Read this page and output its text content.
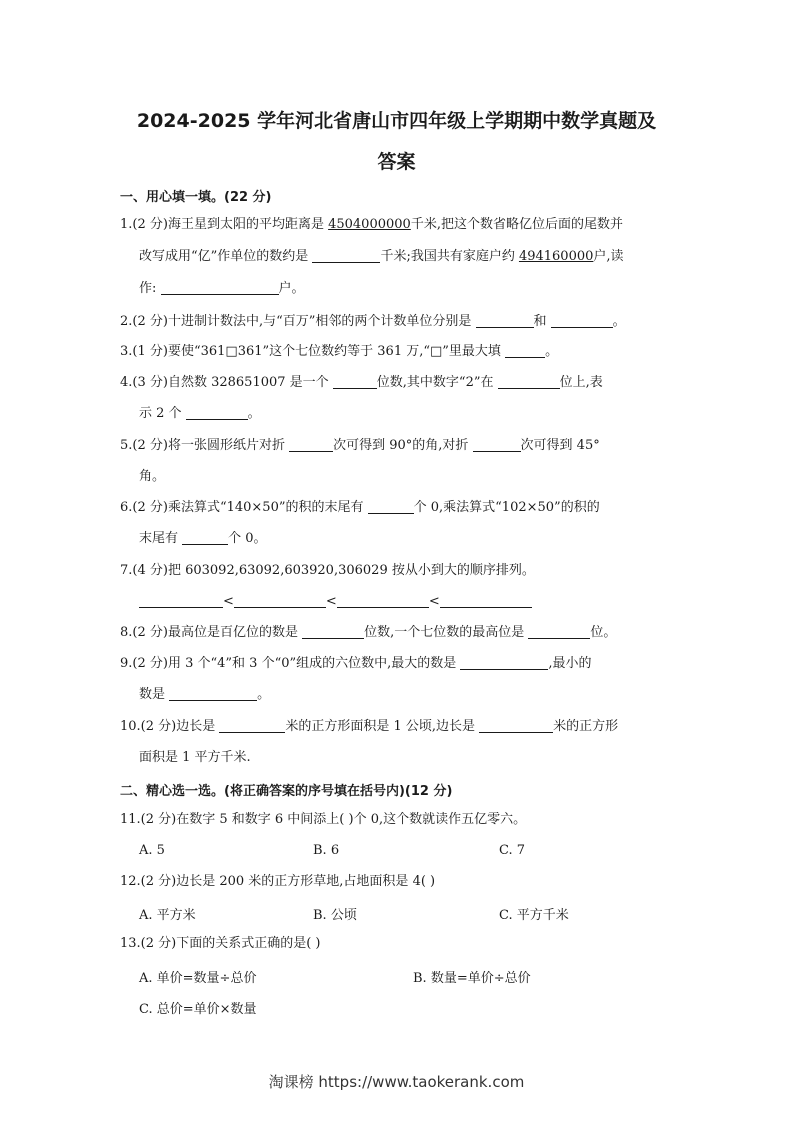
2024-2025 学年河北省唐山市四年级上学期期中数学真题及
答案
一、用心填一填。(22 分)
1.(2 分)海王星到太阳的平均距离是 4504000000千米,把这个数省略亿位后面的尾数并
改写成用“亿”作单位的数约是	千米;我国共有家庭户约 494160000户,读
作:	户。
2.(2 分)十进制计数法中,与“百万”相邻的两个计数单位分别是	和	。
3.(1 分)要使“361□361”这个七位数约等于 361 万,“□”里最大填	。
4.(3 分)自然数 328651007 是一个	位数,其中数字“2”在	位上,表
示 2 个	。
5.(2 分)将一张圆形纸片对折	次可得到 90°的角,对折	次可得到 45°
角。
6.(2 分)乘法算式“140×50”的积的末尾有	个 0,乘法算式“102×50”的积的
末尾有	个 0。
7.(4 分)把 603092,63092,603920,306029 按从小到大的顺序排列。
<	<	<
8.(2 分)最高位是百亿位的数是	位数,一个七位数的最高位是	位。
9.(2 分)用 3 个“4”和 3 个“0”组成的六位数中,最大的数是	,最小的
数是	。
10.(2 分)边长是	米的正方形面积是 1 公顷,边长是	米的正方形
面积是 1 平方千米.
二、精心选一选。(将正确答案的序号填在括号内)(12 分)
11.(2 分)在数字 5 和数字 6 中间添上( )个 0,这个数就读作五亿零六。
A. 5	B. 6	C. 7
12.(2 分)边长是 200 米的正方形草地,占地面积是 4( )
A. 平方米	B. 公顷	C. 平方千米
13.(2 分)下面的关系式正确的是( )
A. 单价=数量÷总价	B. 数量=单价÷总价
C. 总价=单价×数量
淘课榜 https://www.taokerank.com
